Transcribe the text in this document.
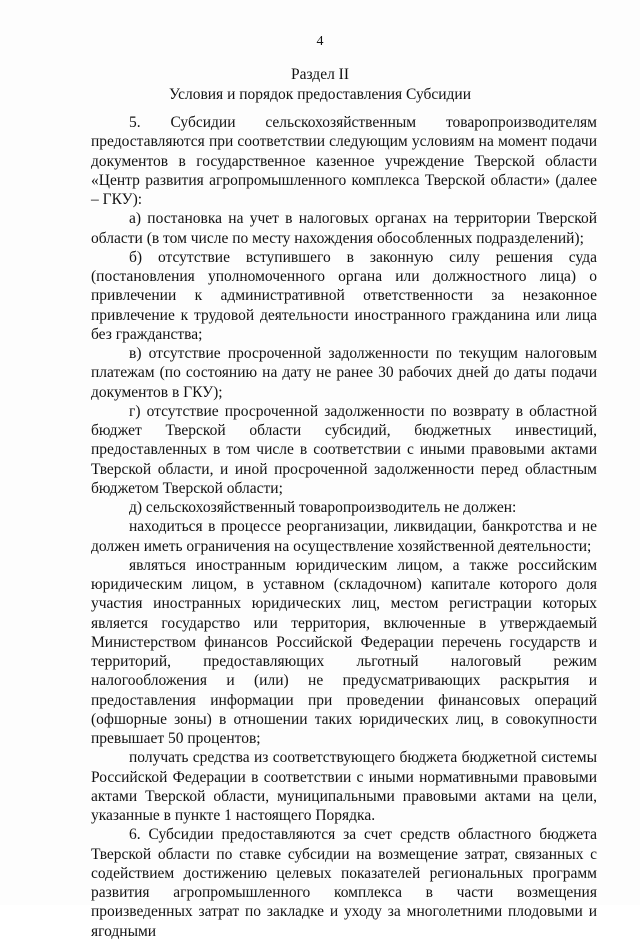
4
Раздел II
Условия и порядок предоставления Субсидии

5. Субсидии сельскохозяйственным товаропроизводителям предоставляются при соответствии следующим условиям на момент подачи документов в государственное казенное учреждение Тверской области «Центр развития агропромышленного комплекса Тверской области» (далее – ГКУ):

а) постановка на учет в налоговых органах на территории Тверской области (в том числе по месту нахождения обособленных подразделений);

б) отсутствие вступившего в законную силу решения суда (постановления уполномоченного органа или должностного лица) о привлечении к административной ответственности за незаконное привлечение к трудовой деятельности иностранного гражданина или лица без гражданства;

в) отсутствие просроченной задолженности по текущим налоговым платежам (по состоянию на дату не ранее 30 рабочих дней до даты подачи документов в ГКУ);

г) отсутствие просроченной задолженности по возврату в областной бюджет Тверской области субсидий, бюджетных инвестиций, предоставленных в том числе в соответствии с иными правовыми актами Тверской области, и иной просроченной задолженности перед областным бюджетом Тверской области;

д) сельскохозяйственный товаропроизводитель не должен:

находиться в процессе реорганизации, ликвидации, банкротства и не должен иметь ограничения на осуществление хозяйственной деятельности;

являться иностранным юридическим лицом, а также российским юридическим лицом, в уставном (складочном) капитале которого доля участия иностранных юридических лиц, местом регистрации которых является государство или территория, включенные в утверждаемый Министерством финансов Российской Федерации перечень государств и территорий, предоставляющих льготный налоговый режим налогообложения и (или) не предусматривающих раскрытия и предоставления информации при проведении финансовых операций (офшорные зоны) в отношении таких юридических лиц, в совокупности превышает 50 процентов;

получать средства из соответствующего бюджета бюджетной системы Российской Федерации в соответствии с иными нормативными правовыми актами Тверской области, муниципальными правовыми актами на цели, указанные в пункте 1 настоящего Порядка.

6. Субсидии предоставляются за счет средств областного бюджета Тверской области по ставке субсидии на возмещение затрат, связанных с содействием достижению целевых показателей региональных программ развития агропромышленного комплекса в части возмещения произведенных затрат по закладке и уходу за многолетними плодовыми и ягодными
